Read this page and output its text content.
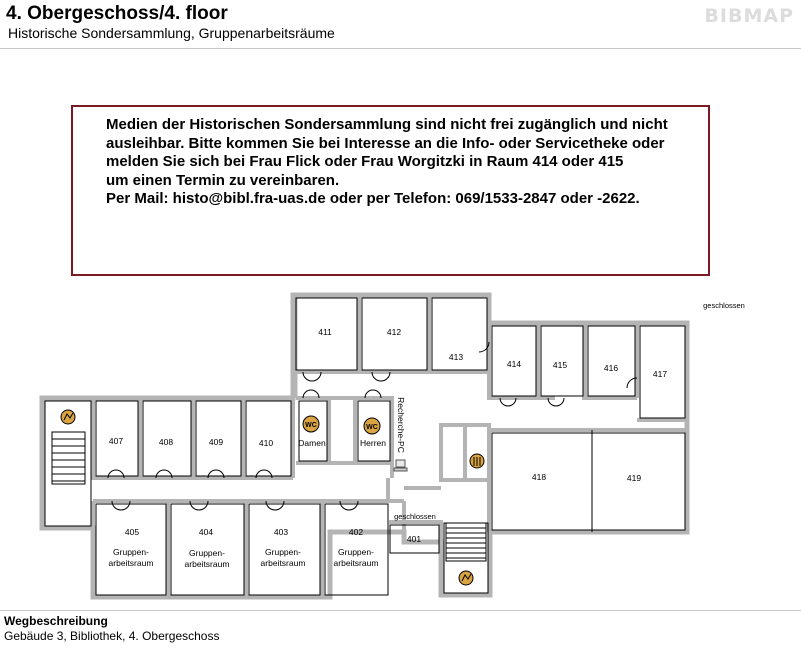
4. Obergeschoss/4. floor
Historische Sondersammlung, Gruppenarbeitsräume
BIBMAP
Medien der Historischen Sondersammlung sind nicht frei zugänglich und nicht
ausleihbar. Bitte kommen Sie bei Interesse an die Info- oder Servicetheke oder
melden Sie sich bei Frau Flick oder Frau Worgitzki in Raum 414 oder 415
um einen Termin zu vereinbaren.
Per Mail: histo@bibl.fra-uas.de oder per Telefon: 069/1533-2847 oder -2622.
WC	WC
411	412
413
414	415	416
417
418	419
407	408	409	410	Damen	Herren
405	404	403	402
401
Gruppen-
arbeitsraum
Gruppen-
arbeitsraum
Gruppen-
arbeitsraum
Gruppen-
arbeitsraum
geschlossen
geschlossen
Recherche-PC
Wegbeschreibung
Gebäude 3, Bibliothek, 4. Obergeschoss
